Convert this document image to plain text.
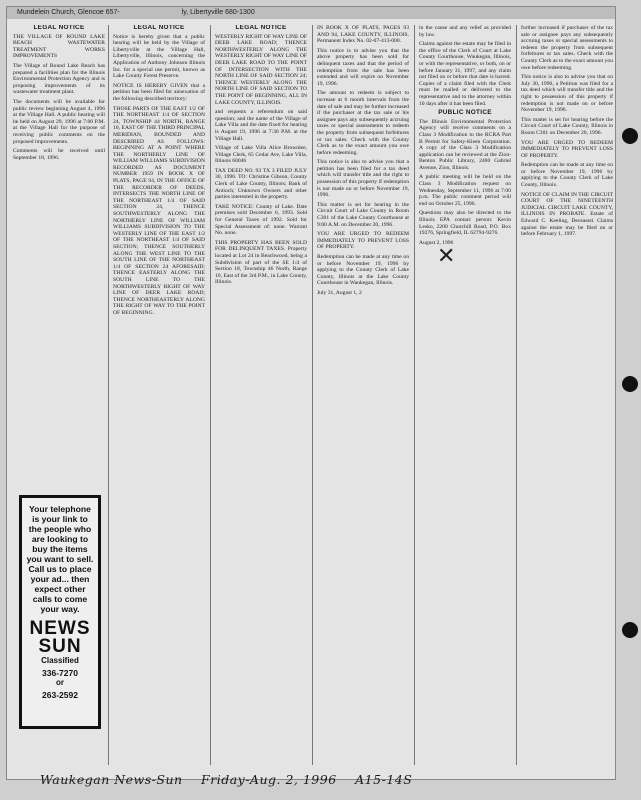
Mundelein Church, Glencoe 657-	ly, Libertyville 680-1300
LEGAL NOTICE

THE VILLAGE OF ROUND LAKE BEACH WASTEWATER TREATMENT WORKS IMPROVEMENTS

The Village of Round Lake Beach has prepared a facilities plan for the Illinois Environmental Protection Agency and is proposing improvements of its wastewater treatment plant.

The documents will be available for public review beginning August 4, 1996 at the Village Hall. A public hearing will be held on August 29, 1996 at 7:00 P.M. at the Village Hall for the purpose of receiving public comments on the proposed improvements.

Comments will be received until September 18, 1996.

LEGAL NOTICE

Notice is hereby given that a public hearing will be held by the Village of Libertyville at the Village Hall, Libertyville, Illinois, concerning the Application of Anthony Johnson Illinois Inc. for a special use permit, known as Lake County Forest Preserve.

NOTICE IS HEREBY GIVEN that a petition has been filed for annexation of the following described territory:

THOSE PARTS OF THE EAST 1/2 OF THE NORTHEAST 1/4 OF SECTION 24, TOWNSHIP 44 NORTH, RANGE 10, EAST OF THE THIRD PRINCIPAL MERIDIAN, BOUNDED AND DESCRIBED AS FOLLOWS: BEGINNING AT A POINT WHERE THE NORTHERLY LINE OF WILLIAM WILLIAMS SUBDIVISION RECORDED AS DOCUMENT NUMBER 1959 IN BOOK X OF PLATS, PAGE 94, IN THE OFFICE OF THE RECORDER OF DEEDS, INTERSECTS THE NORTH LINE OF THE NORTHEAST 1/4 OF SAID SECTION 24, THENCE SOUTHWESTERLY ALONG THE NORTHERLY LINE OF WILLIAM WILLIAMS SUBDIVISION TO THE WESTERLY LINE OF THE EAST 1/2 OF THE NORTHEAST 1/4 OF SAID SECTION; THENCE SOUTHERLY ALONG THE WEST LINE TO THE SOUTH LINE OF THE NORTHEAST 1/4 OF SECTION 24 AFORESAID; THENCE EASTERLY ALONG THE SOUTH LINE TO THE NORTHWESTERLY RIGHT OF WAY LINE OF DEER LAKE ROAD; THENCE NORTHEASTERLY ALONG THE RIGHT OF WAY TO THE POINT OF BEGINNING.

LEGAL NOTICE

WESTERLY RIGHT OF WAY LINE OF DEER LAKE ROAD; THENCE NORTHWESTERLY ALONG THE WESTERLY RIGHT OF WAY LINE OF DEER LAKE ROAD TO THE POINT OF INTERSECTION WITH THE NORTH LINE OF SAID SECTION 24; THENCE WESTERLY ALONG THE NORTH LINE OF SAID SECTION TO THE POINT OF BEGINNING, ALL IN LAKE COUNTY, ILLINOIS.

and requests a referendum on said question; and the name of the Village of Lake Villa and the date fixed for hearing is August 19, 1996 at 7:30 P.M. at the Village Hall.

Village of Lake Villa Alice Brownlee, Village Clerk, 65 Cedar Ave, Lake Villa, Illinois 60046

TAX DEED NO. 93 TX 3 FILED JULY 30, 1996. TO: Christine Gibson, County Clerk of Lake County, Illinois; Bank of Antioch; Unknown Owners and other parties interested in the property.

TAKE NOTICE: County of Lake. Date premises sold December 6, 1993. Sold for General Taxes of 1992. Sold for Special Assessment of: none. Warrant No. none.

THIS PROPERTY HAS BEEN SOLD FOR DELINQUENT TAXES. Property located at Lot 24 in Beachwood, being a Subdivision of part of the SE 1/4 of Section 18, Township 46 North, Range 10, East of the 3rd P.M., in Lake County, Illinois.

IN BOOK X OF PLATS, PAGES 93 AND 94, LAKE COUNTY, ILLINOIS. Permanent Index No. 02-07-413-000.

This notice is to advise you that the above property has been sold for delinquent taxes and that the period of redemption from the sale has been extended and will expire on November 19, 1996.

The amount to redeem is subject to increase at 6 month intervals from the date of sale and may be further increased if the purchaser at the tax sale or his assignee pays any subsequently accruing taxes or special assessments to redeem the property from subsequent forfeitures or tax sales. Check with the County Clerk as to the exact amount you owe before redeeming.

This notice is also to advise you that a petition has been filed for a tax deed which will transfer title and the right to possession of this property if redemption is not made on or before November 19, 1996.

This matter is set for hearing in the Circuit Court of Lake County in Room C301 of the Lake County Courthouse at 9:00 A.M. on December 20, 1996.

YOU ARE URGED TO REDEEM IMMEDIATELY TO PREVENT LOSS OF PROPERTY.

Redemption can be made at any time on or before November 19, 1996 by applying to the County Clerk of Lake County, Illinois at the Lake County Courthouse in Waukegan, Illinois.

July 31, August 1, 2

in the cause and any relief as provided by law.

Claims against the estate may be filed in the office of the Clerk of Court at Lake County Courthouse, Waukegan, Illinois, or with the representative, or both, on or before January 31, 1997, and any claim not filed on or before that date is barred. Copies of a claim filed with the Clerk must be mailed or delivered to the representative and to the attorney within 10 days after it has been filed.

PUBLIC NOTICE

The Illinois Environmental Protection Agency will receive comments on a Class 3 Modification to the RCRA Part B Permit for Safety-Kleen Corporation. A copy of the Class 3 Modification application can be reviewed at the Zion-Benton Public Library, 2400 Gabriel Avenue, Zion, Illinois.

A public meeting will be held on the Class 3 Modification request on Wednesday, September 11, 1996 at 7:00 p.m. The public comment period will end on October 25, 1996.

Questions may also be directed to the Illinois EPA contact person: Kevin Lesko, 2200 Churchill Road, P.O. Box 19276, Springfield, IL 62794-9276.

August 2, 1996

further increased if purchaser of the tax sale or assignee pays any subsequently accruing taxes or special assessments to redeem the property from subsequent forfeitures or tax sales. Check with the County Clerk as to the exact amount you owe before redeeming.

This notice is also to advise you that on July 30, 1996, a Petition was filed for a tax deed which will transfer title and the right to possession of this property if redemption is not made on or before November 19, 1996.

This matter is set for hearing before the Circuit Court of Lake County, Illinois in Room C301 on December 20, 1996.

YOU ARE URGED TO REDEEM IMMEDIATELY TO PREVENT LOSS OF PROPERTY.

Redemption can be made at any time on or before November 19, 1996 by applying to the County Clerk of Lake County, Illinois.

NOTICE OF CLAIM IN THE CIRCUIT COURT OF THE NINETEENTH JUDICIAL CIRCUIT LAKE COUNTY, ILLINOIS IN PROBATE. Estate of Edward C. Keeling, Deceased. Claims against the estate may be filed on or before February 1, 1997.

Your telephone is your link to the people who are looking to buy the items you want to sell. Call us to place your ad... then expect other calls to come your way.
NEWS SUN
Classified
336-7270
or
263-2592
✕
Waukegan News-Sun Friday-Aug. 2, 1996 A15-14S
